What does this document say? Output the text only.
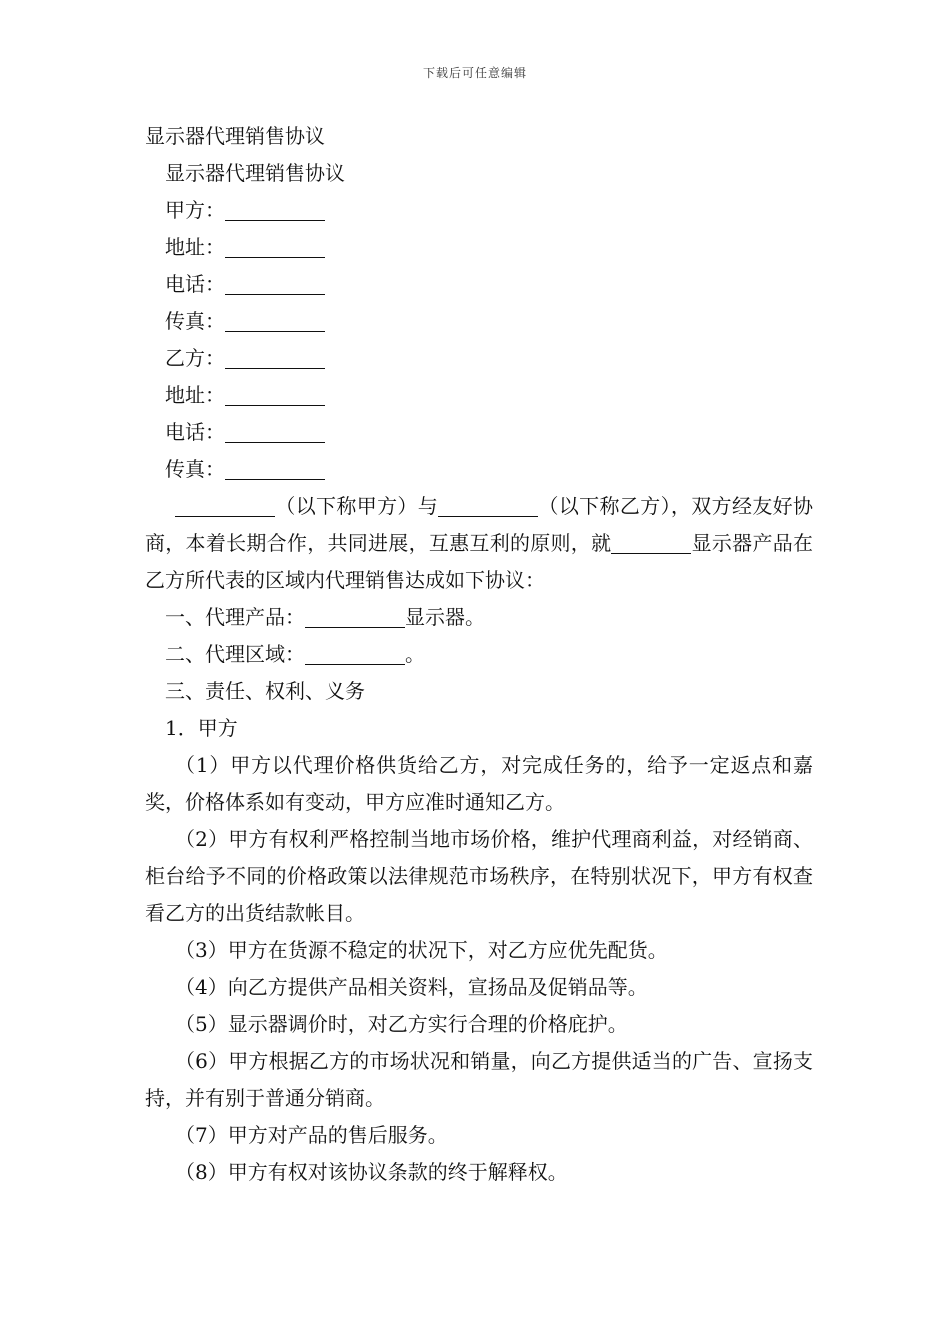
下载后可任意编辑
显示器代理销售协议
显示器代理销售协议
甲方：
地址：
电话：
传真：
乙方：
地址：
电话：
传真：
（以下称甲方）与	（以下称乙方），双方经友好协商，本着长期合作，共同进展，互惠互利的原则，就	显示器产品在乙方所代表的区域内代理销售达成如下协议：
一、代理产品：	显示器。
二、代理区域：	。
三、责任、权利、义务
1．甲方
（1）甲方以代理价格供货给乙方，对完成任务的，给予一定返点和嘉奖，价格体系如有变动，甲方应准时通知乙方。
（2）甲方有权利严格控制当地市场价格，维护代理商利益，对经销商、柜台给予不同的价格政策以法律规范市场秩序，在特别状况下，甲方有权查看乙方的出货结款帐目。
（3）甲方在货源不稳定的状况下，对乙方应优先配货。
（4）向乙方提供产品相关资料，宣扬品及促销品等。
（5）显示器调价时，对乙方实行合理的价格庇护。
（6）甲方根据乙方的市场状况和销量，向乙方提供适当的广告、宣扬支持，并有别于普通分销商。
（7）甲方对产品的售后服务。
（8）甲方有权对该协议条款的终于解释权。
